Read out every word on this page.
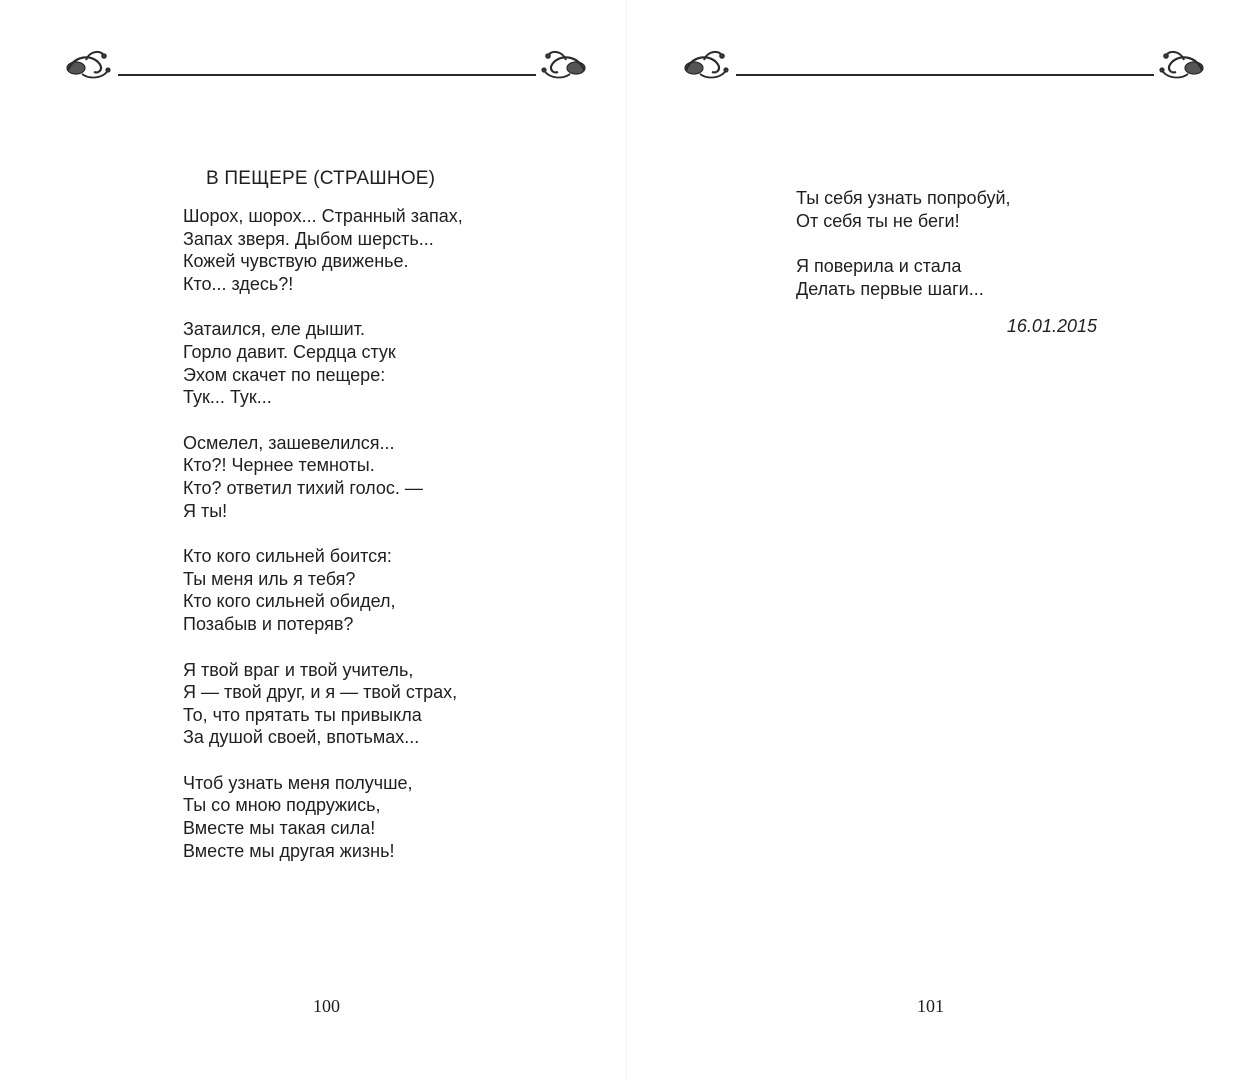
В ПЕЩЕРЕ (СТРАШНОЕ)
Шорох, шорох... Странный запах,
Запах зверя. Дыбом шерсть...
Кожей чувствую движенье.
Кто... здесь?!
Затаился, еле дышит.
Горло давит. Сердца стук
Эхом скачет по пещере:
Тук... Тук...
Осмелел, зашевелился...
Кто?! Чернее темноты.
Кто? ответил тихий голос. —
Я ты!
Кто кого сильней боится:
Ты меня иль я тебя?
Кто кого сильней обидел,
Позабыв и потеряв?
Я твой враг и твой учитель,
Я — твой друг, и я — твой страх,
То, что прятать ты привыкла
За душой своей, впотьмах...
Чтоб узнать меня получше,
Ты со мною подружись,
Вместе мы такая сила!
Вместе мы другая жизнь!
100
Ты себя узнать попробуй,
От себя ты не беги!
Я поверила и стала
Делать первые шаги...
16.01.2015
101
